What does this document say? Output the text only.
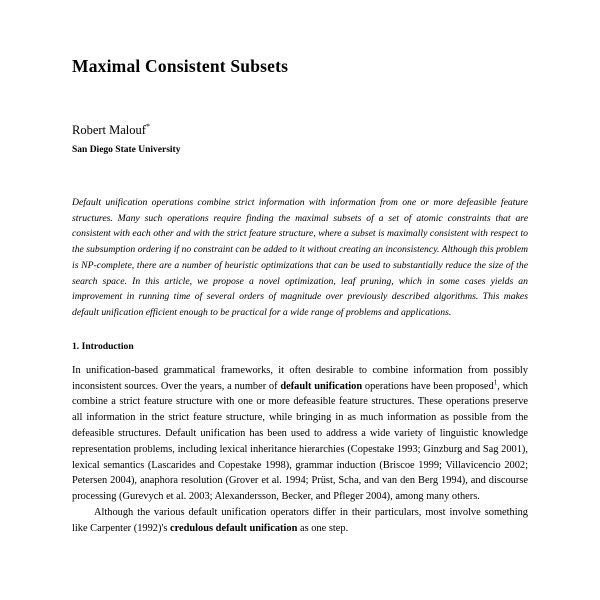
Maximal Consistent Subsets
Robert Malouf*
San Diego State University

Default unification operations combine strict information with information from one or more defeasible feature structures. Many such operations require finding the maximal subsets of a set of atomic constraints that are consistent with each other and with the strict feature structure, where a subset is maximally consistent with respect to the subsumption ordering if no constraint can be added to it without creating an inconsistency. Although this problem is NP-complete, there are a number of heuristic optimizations that can be used to substantially reduce the size of the search space. In this article, we propose a novel optimization, leaf pruning, which in some cases yields an improvement in running time of several orders of magnitude over previously described algorithms. This makes default unification efficient enough to be practical for a wide range of problems and applications.

1. Introduction

In unification-based grammatical frameworks, it often desirable to combine information from possibly inconsistent sources. Over the years, a number of default unification operations have been proposed$^1$, which combine a strict feature structure with one or more defeasible feature structures. These operations preserve all information in the strict feature structure, while bringing in as much information as possible from the defeasible structures. Default unification has been used to address a wide variety of linguistic knowledge representation problems, including lexical inheritance hierarchies (Copestake 1993; Ginzburg and Sag 2001), lexical semantics (Lascarides and Copestake 1998), grammar induction (Briscoe 1999; Villavicencio 2002; Petersen 2004), anaphora resolution (Grover et al. 1994; Prüst, Scha, and van den Berg 1994), and discourse processing (Gurevych et al. 2003; Alexandersson, Becker, and Pfleger 2004), among many others.

Although the various default unification operators differ in their particulars, most involve something like Carpenter (1992)'s credulous default unification as one step.
